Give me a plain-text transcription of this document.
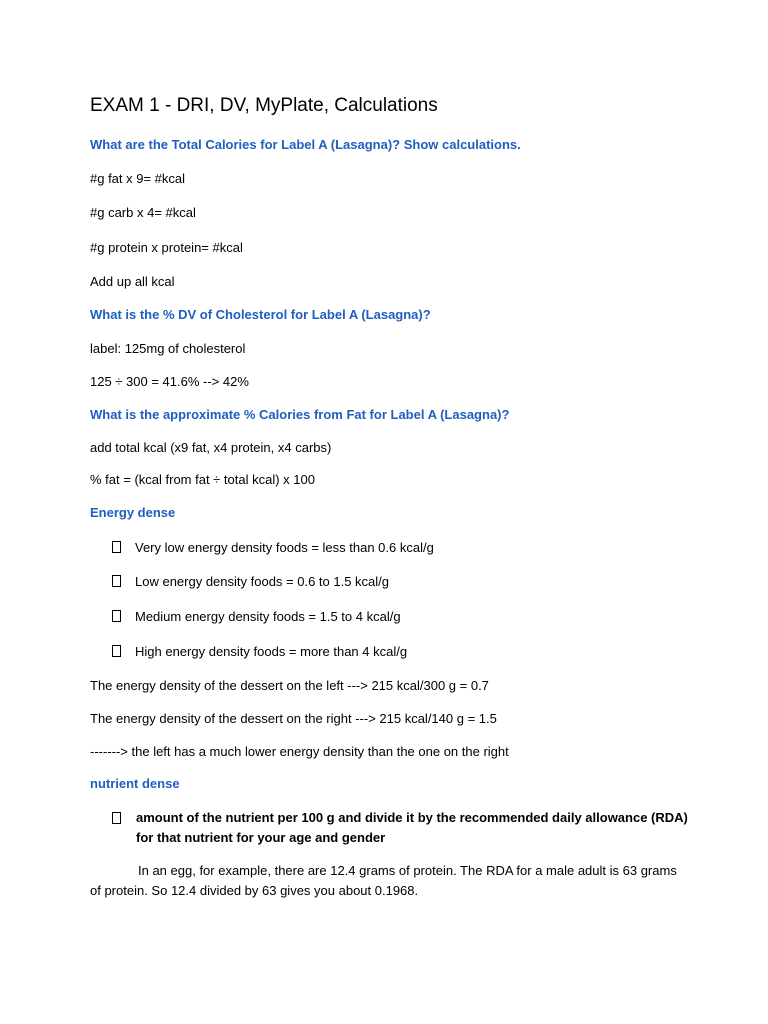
EXAM 1 - DRI, DV, MyPlate, Calculations
What are the Total Calories for Label A (Lasagna)? Show calculations.
#g fat x 9= #kcal
#g carb x 4= #kcal
#g protein x protein= #kcal
Add up all kcal
What is the % DV of Cholesterol for Label A (Lasagna)?
label: 125mg of cholesterol
125 ÷ 300 = 41.6% --> 42%
What is the approximate % Calories from Fat for Label A (Lasagna)?
add total kcal (x9 fat, x4 protein, x4 carbs)
% fat = (kcal from fat ÷ total kcal) x 100
Energy dense
Very low energy density foods = less than 0.6 kcal/g
Low energy density foods = 0.6 to 1.5 kcal/g
Medium energy density foods = 1.5 to 4 kcal/g
High energy density foods = more than 4 kcal/g
The energy density of the dessert on the left ---> 215 kcal/300 g = 0.7
The energy density of the dessert on the right ---> 215 kcal/140 g = 1.5
-------> the left has a much lower energy density than the one on the right
nutrient dense
amount of the nutrient per 100 g and divide it by the recommended daily allowance (RDA) for that nutrient for your age and gender
In an egg, for example, there are 12.4 grams of protein. The RDA for a male adult is 63 grams of protein. So 12.4 divided by 63 gives you about 0.1968.
